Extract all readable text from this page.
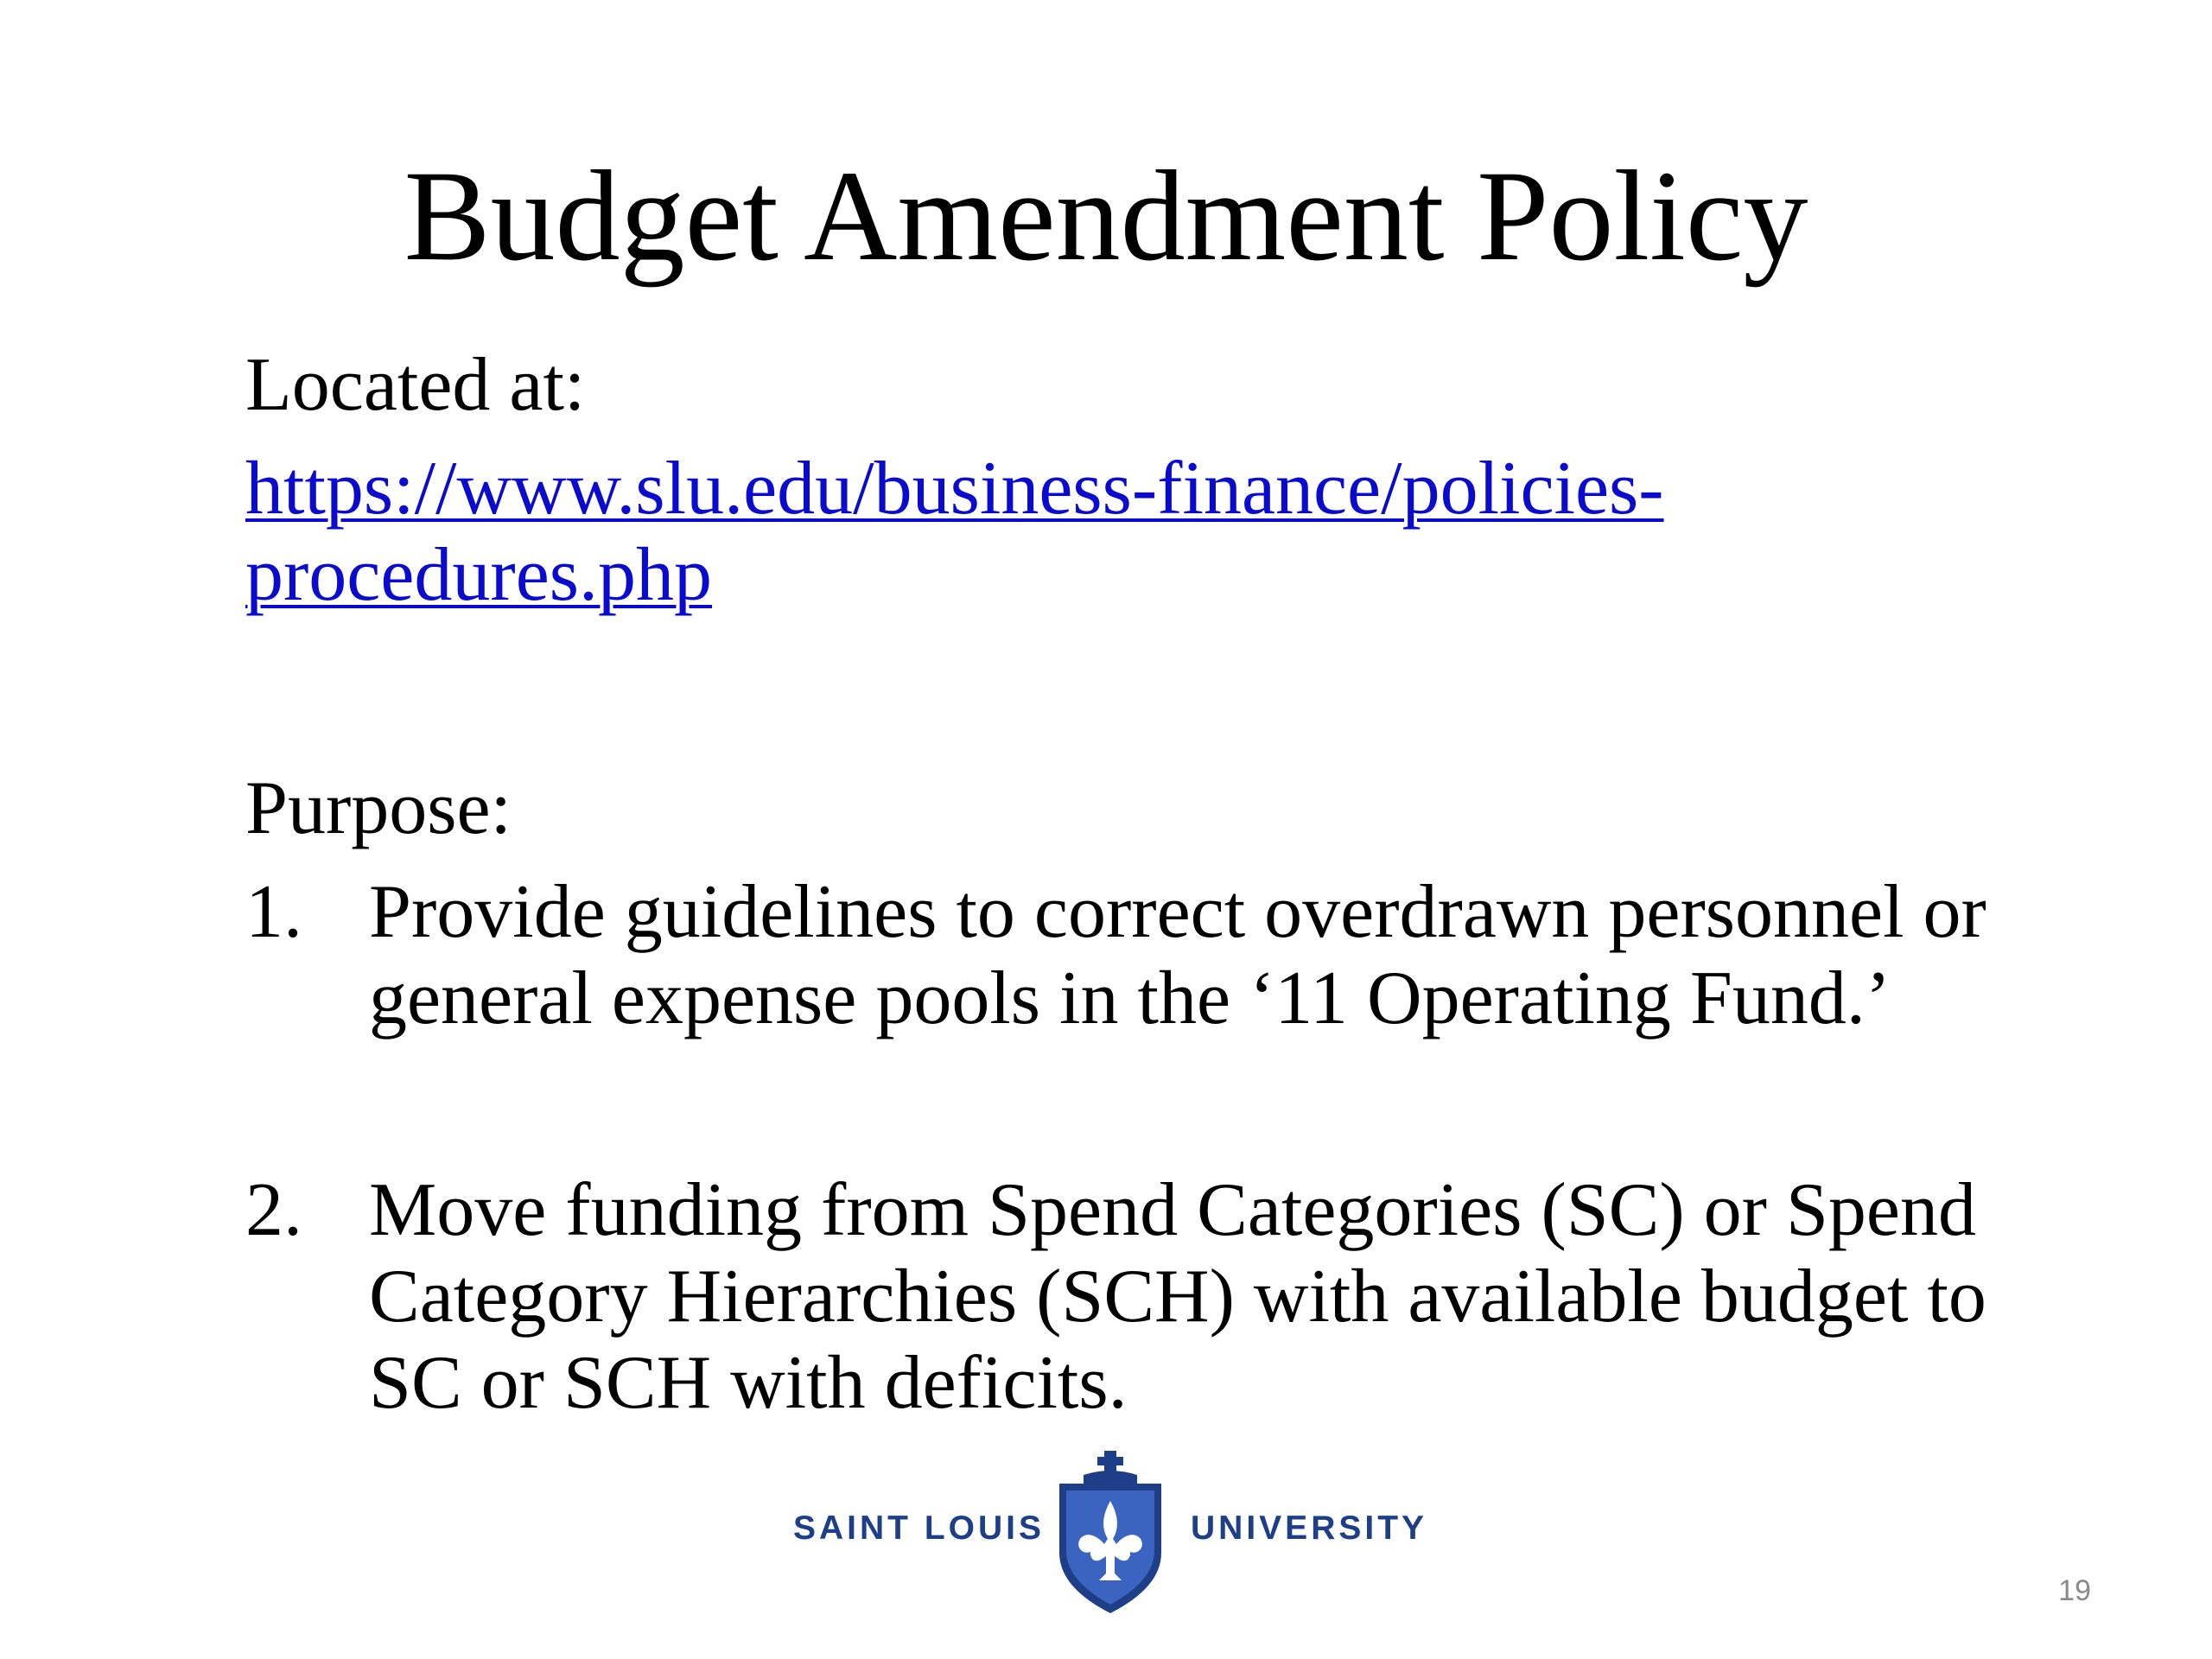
Budget Amendment Policy

Located at:

https://www.slu.edu/business-finance/policies-
procedures.php

Purpose:

1. Provide guidelines to correct overdrawn personnel or
general expense pools in the ‘11 Operating Fund.’
2. Move funding from Spend Categories (SC) or Spend
Category Hierarchies (SCH) with available budget to
SC or SCH with deficits.
SAINT LOUIS	UNIVERSITY
19
